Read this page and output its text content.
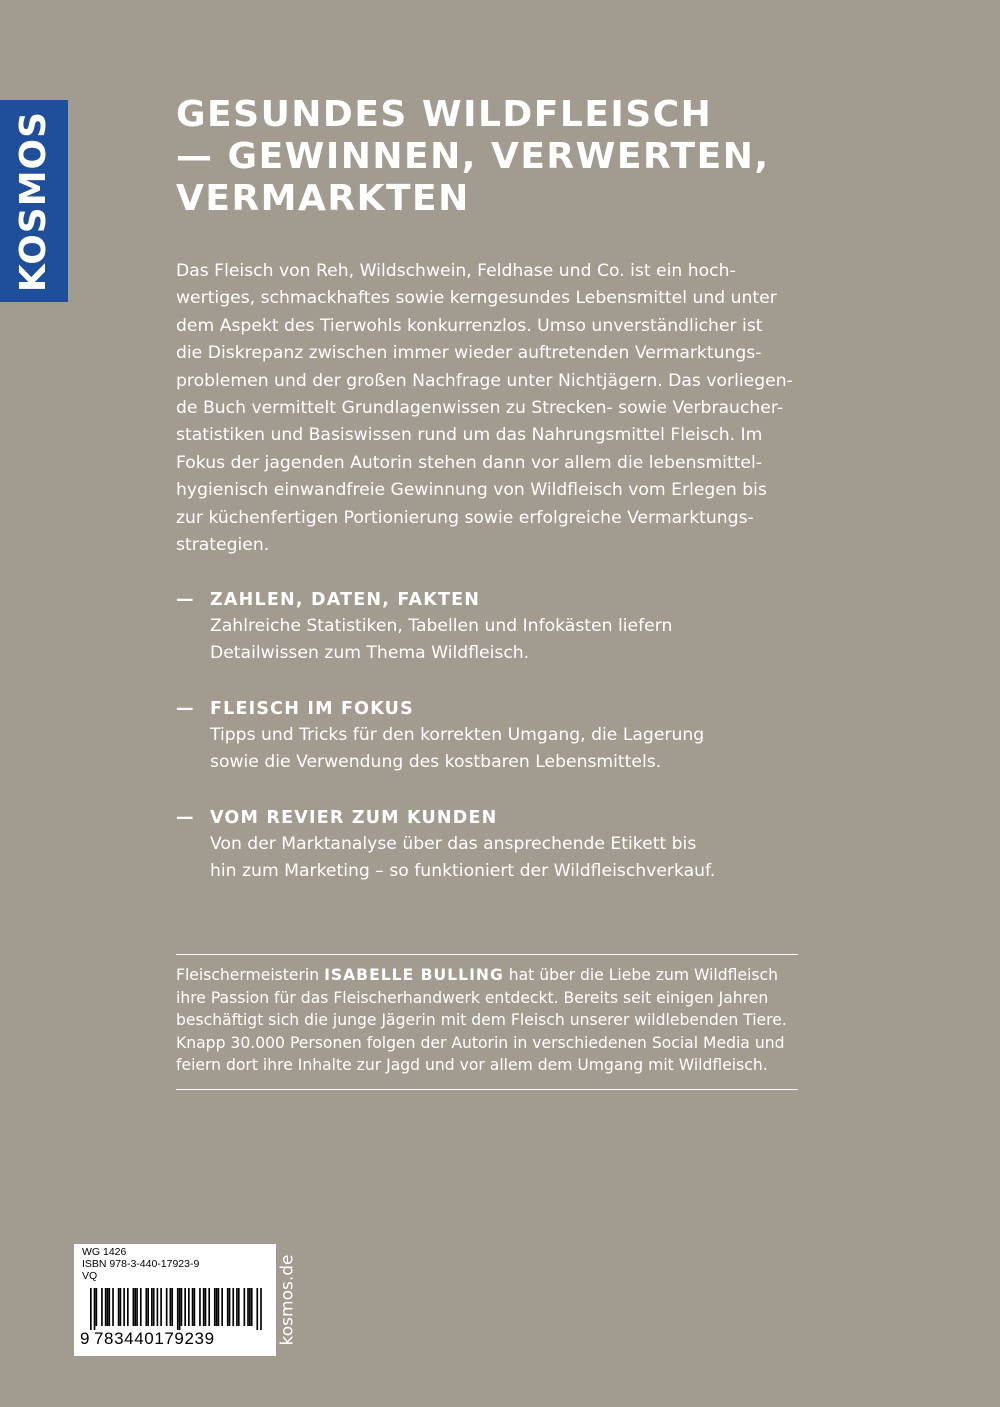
KOSMOS	GESUNDES WILDFLEISCH
— GEWINNEN, VERWERTEN,
VERMARKTEN
Das Fleisch von Reh, Wildschwein, Feldhase und Co. ist ein hoch-
wertiges, schmackhaftes sowie kerngesundes Lebensmittel und unter
dem Aspekt des Tierwohls konkurrenzlos. Umso unverständlicher ist
die Diskrepanz zwischen immer wieder auftretenden Vermarktungs-
problemen und der großen Nachfrage unter Nichtjägern. Das vorliegen-
de Buch vermittelt Grundlagenwissen zu Strecken- sowie Verbraucher-
statistiken und Basiswissen rund um das Nahrungsmittel Fleisch. Im
Fokus der jagenden Autorin stehen dann vor allem die lebensmittel-
hygienisch einwandfreie Gewinnung von Wildfleisch vom Erlegen bis
zur küchenfertigen Portionierung sowie erfolgreiche Vermarktungs-
strategien.
— ZAHLEN, DATEN, FAKTEN
Zahlreiche Statistiken, Tabellen und Infokästen liefern
Detailwissen zum Thema Wildfleisch.
— FLEISCH IM FOKUS
Tipps und Tricks für den korrekten Umgang, die Lagerung
sowie die Verwendung des kostbaren Lebensmittels.
— VOM REVIER ZUM KUNDEN
Von der Marktanalyse über das ansprechende Etikett bis
hin zum Marketing – so funktioniert der Wildfleischverkauf.
Fleischermeisterin ISABELLE BULLING hat über die Liebe zum Wildfleisch
ihre Passion für das Fleischerhandwerk entdeckt. Bereits seit einigen Jahren
beschäftigt sich die junge Jägerin mit dem Fleisch unserer wildlebenden Tiere.
Knapp 30.000 Personen folgen der Autorin in verschiedenen Social Media und
feiern dort ihre Inhalte zur Jagd und vor allem dem Umgang mit Wildfleisch.
WG 1426
ISBN 978-3-440-17923-9
VQ
9 783440179239	kosmos.de
